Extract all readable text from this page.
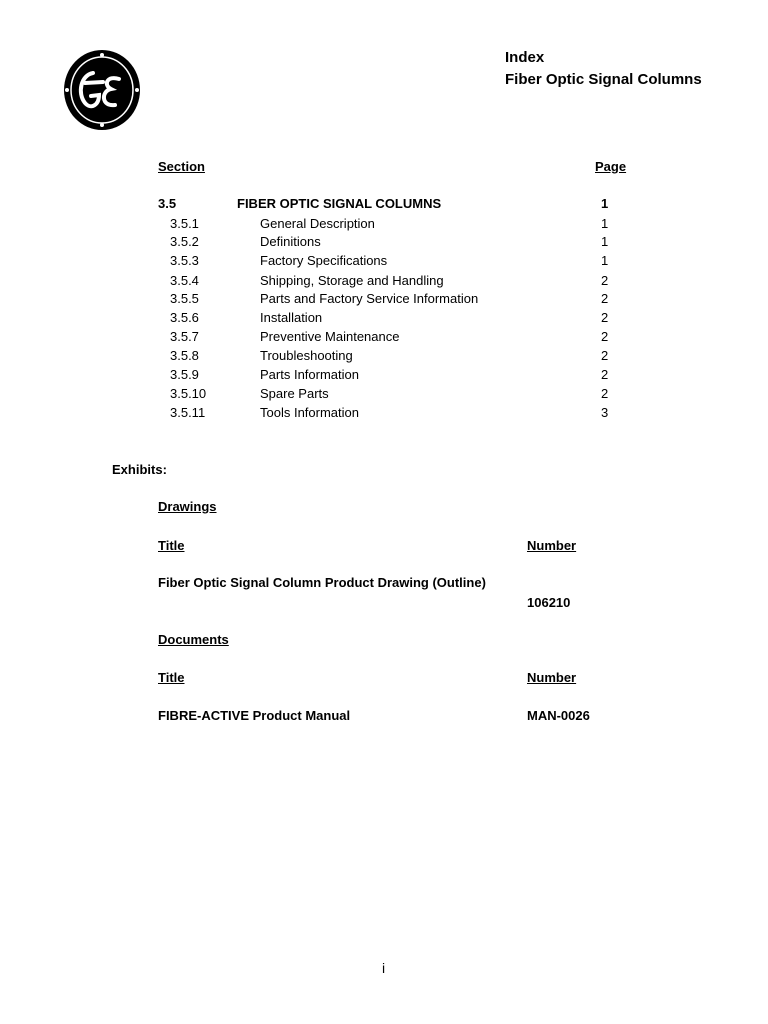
Index
Fiber Optic Signal Columns
Section	Page
3.5	FIBER OPTIC SIGNAL COLUMNS	1
3.5.1	General Description	1
3.5.2	Definitions	1
3.5.3	Factory Specifications	1
3.5.4	Shipping, Storage and Handling	2
3.5.5	Parts and Factory Service Information	2
3.5.6	Installation	2
3.5.7	Preventive Maintenance	2
3.5.8	Troubleshooting	2
3.5.9	Parts Information	2
3.5.10	Spare Parts	2
3.5.11	Tools Information	3
Exhibits:
Drawings
Title	Number
Fiber Optic Signal Column Product Drawing (Outline)
106210
Documents
Title	Number
FIBRE-ACTIVE Product Manual	MAN-0026
i
